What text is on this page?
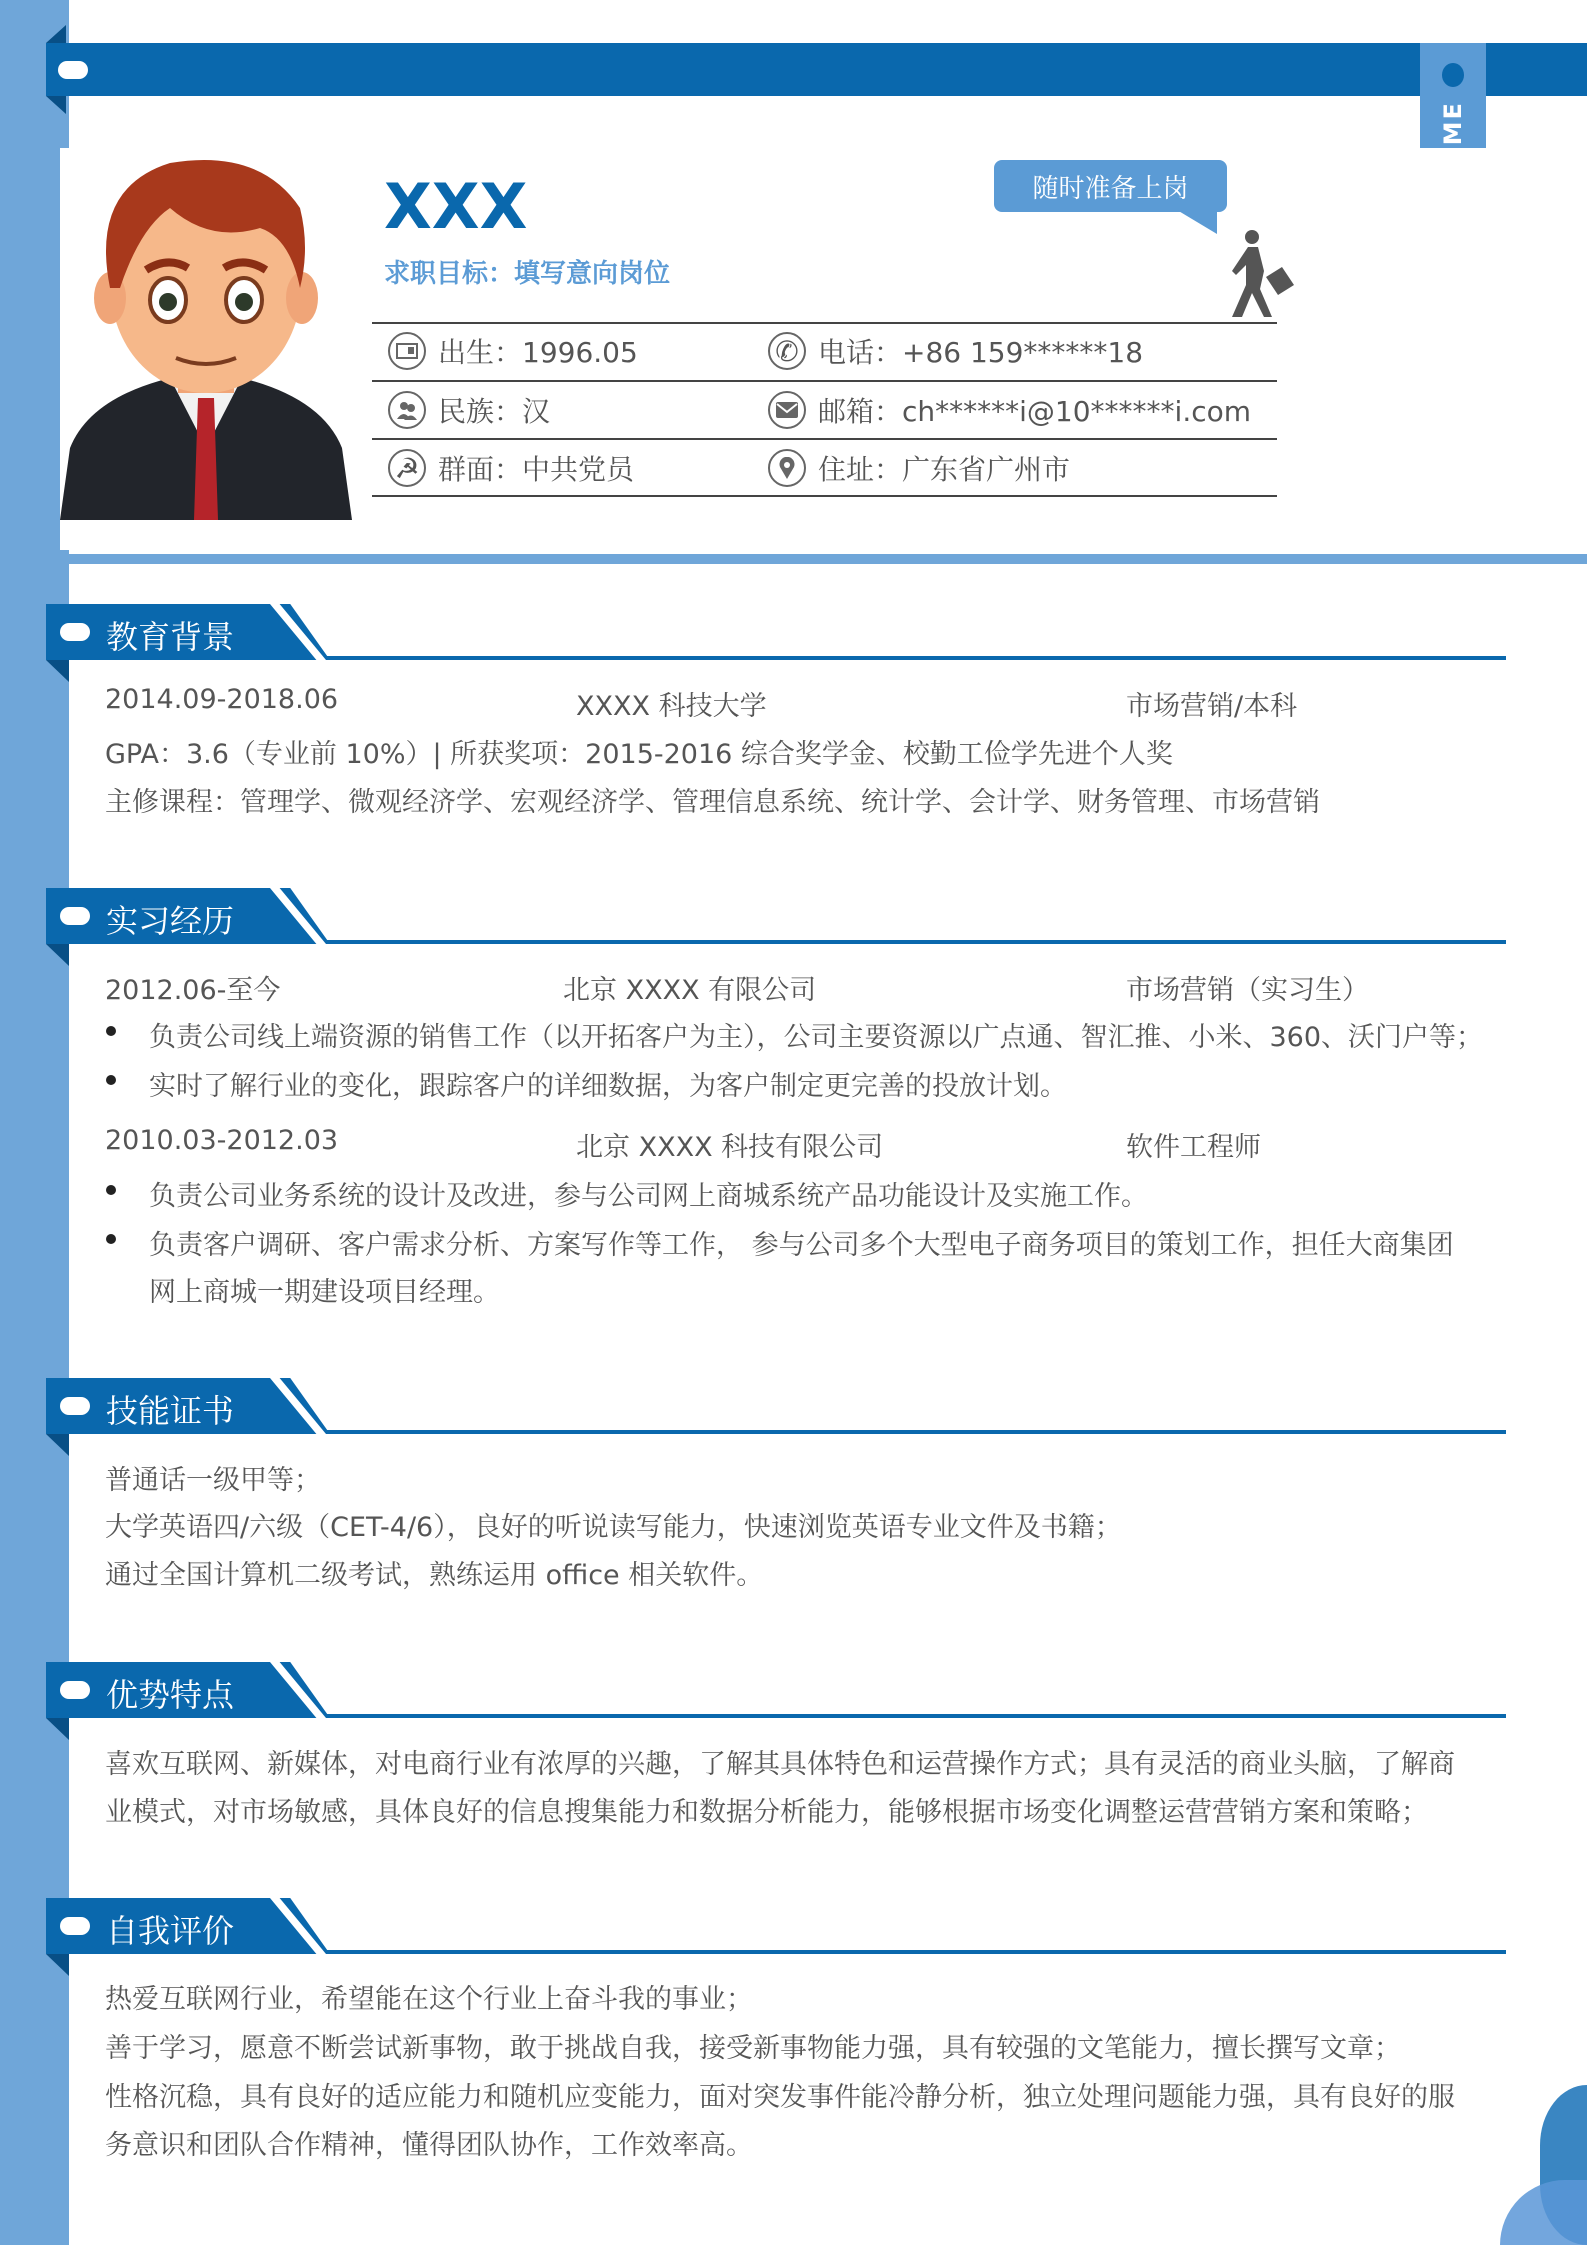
XXX
求职目标：填写意向岗位
随时准备上岗
出生：1996.05	✆ 电话：+86 159******18
民族：汉	邮箱：ch******i@10******i.com
☭ 群面：中共党员	住址：广东省广州市
教育背景
2014.09-2018.06	XXXX 科技大学	市场营销/本科
GPA：3.6（专业前 10%）| 所获奖项：2015-2016 综合奖学金、校勤工俭学先进个人奖
主修课程：管理学、微观经济学、宏观经济学、管理信息系统、统计学、会计学、财务管理、市场营销
实习经历
2012.06-至今	北京 XXXX 有限公司	市场营销（实习生）
负责公司线上端资源的销售工作（以开拓客户为主），公司主要资源以广点通、智汇推、小米、360、沃门户等；
实时了解行业的变化，跟踪客户的详细数据，为客户制定更完善的投放计划。
2010.03-2012.03	北京 XXXX 科技有限公司	软件工程师
负责公司业务系统的设计及改进，参与公司网上商城系统产品功能设计及实施工作。
负责客户调研、客户需求分析、方案写作等工作， 参与公司多个大型电子商务项目的策划工作，担任大商集团
网上商城一期建设项目经理。
技能证书
普通话一级甲等；
大学英语四/六级（CET-4/6），良好的听说读写能力，快速浏览英语专业文件及书籍；
通过全国计算机二级考试，熟练运用 office 相关软件。
优势特点
喜欢互联网、新媒体，对电商行业有浓厚的兴趣，了解其具体特色和运营操作方式；具有灵活的商业头脑，了解商
业模式，对市场敏感，具体良好的信息搜集能力和数据分析能力，能够根据市场变化调整运营营销方案和策略；
自我评价
热爱互联网行业，希望能在这个行业上奋斗我的事业；
善于学习，愿意不断尝试新事物，敢于挑战自我，接受新事物能力强，具有较强的文笔能力，擅长撰写文章；
性格沉稳，具有良好的适应能力和随机应变能力，面对突发事件能冷静分析，独立处理问题能力强，具有良好的服
务意识和团队合作精神，懂得团队协作，工作效率高。
